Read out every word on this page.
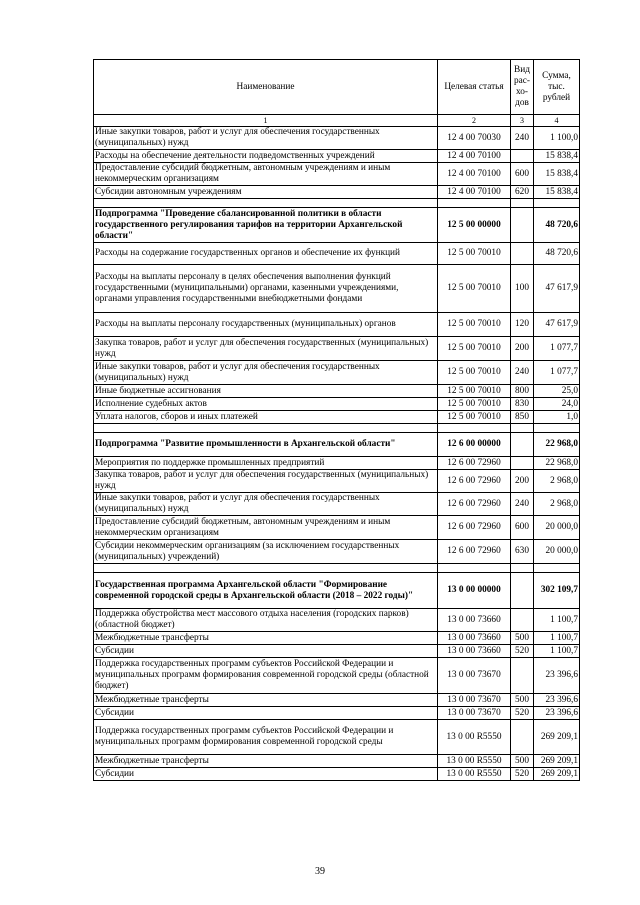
Наименование	Целевая статья	Вид рас-хо-дов	Сумма, тыс. рублей
1	2	3	4
Иные закупки товаров, работ и услуг для обеспечения государственных (муниципальных) нужд	12 4 00 70030	240	1 100,0
Расходы на обеспечение деятельности подведомственных учреждений	12 4 00 70100		15 838,4
Предоставление субсидий бюджетным, автономным учреждениям и иным некоммерческим организациям	12 4 00 70100	600	15 838,4
Субсидии автономным учреждениям	12 4 00 70100	620	15 838,4

Подпрограмма "Проведение сбалансированной политики в области государственного регулирования тарифов на территории Архангельской области"	12 5 00 00000		48 720,6
Расходы на содержание государственных органов и обеспечение их функций	12 5 00 70010		48 720,6
Расходы на выплаты персоналу в целях обеспечения выполнения функций государственными (муниципальными) органами, казенными учреждениями, органами управления государственными внебюджетными фондами	12 5 00 70010	100	47 617,9
Расходы на выплаты персоналу государственных (муниципальных) органов	12 5 00 70010	120	47 617,9
Закупка товаров, работ и услуг для обеспечения государственных (муниципальных) нужд	12 5 00 70010	200	1 077,7
Иные закупки товаров, работ и услуг для обеспечения государственных (муниципальных) нужд	12 5 00 70010	240	1 077,7
Иные бюджетные ассигнования	12 5 00 70010	800	25,0
Исполнение судебных актов	12 5 00 70010	830	24,0
Уплата налогов, сборов и иных платежей	12 5 00 70010	850	1,0

Подпрограмма "Развитие промышленности в Архангельской области"	12 6 00 00000		22 968,0
Мероприятия по поддержке промышленных предприятий	12 6 00 72960		22 968,0
Закупка товаров, работ и услуг для обеспечения государственных (муниципальных) нужд	12 6 00 72960	200	2 968,0
Иные закупки товаров, работ и услуг для обеспечения государственных (муниципальных) нужд	12 6 00 72960	240	2 968,0
Предоставление субсидий бюджетным, автономным учреждениям и иным некоммерческим организациям	12 6 00 72960	600	20 000,0
Субсидии некоммерческим организациям (за исключением государственных (муниципальных) учреждений)	12 6 00 72960	630	20 000,0

Государственная программа Архангельской области "Формирование современной городской среды в Архангельской области (2018 – 2022 годы)"	13 0 00 00000		302 109,7
Поддержка обустройства мест массового отдыха населения (городских парков) (областной бюджет)	13 0 00 73660		1 100,7
Межбюджетные трансферты	13 0 00 73660	500	1 100,7
Субсидии	13 0 00 73660	520	1 100,7
Поддержка государственных программ субъектов Российской Федерации и муниципальных программ формирования современной городской среды (областной бюджет)	13 0 00 73670		23 396,6
Межбюджетные трансферты	13 0 00 73670	500	23 396,6
Субсидии	13 0 00 73670	520	23 396,6
Поддержка государственных программ субъектов Российской Федерации и муниципальных программ формирования современной городской среды	13 0 00 R5550		269 209,1
Межбюджетные трансферты	13 0 00 R5550	500	269 209,1
Субсидии	13 0 00 R5550	520	269 209,1
39
